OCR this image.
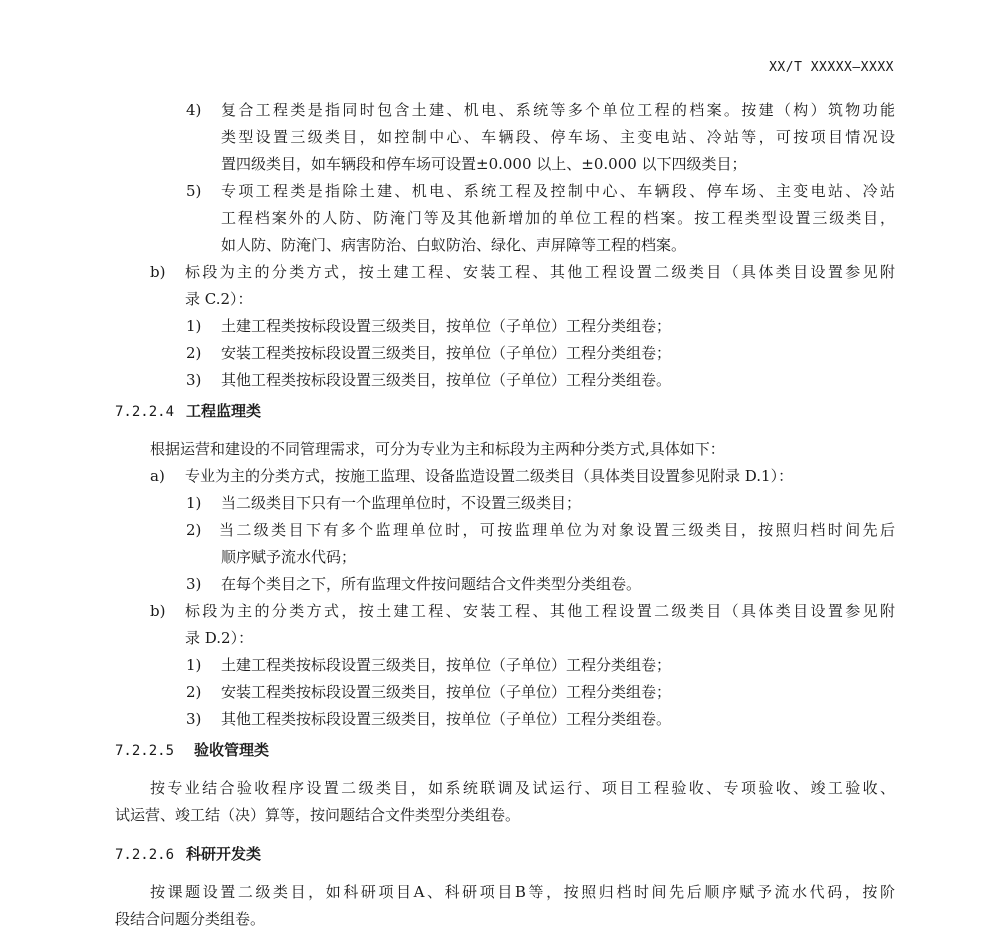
XX/T XXXXX—XXXX
4) 复合工程类是指同时包含土建、机电、系统等多个单位工程的档案。按建（构）筑物功能
类型设置三级类目，如控制中心、车辆段、停车场、主变电站、冷站等，可按项目情况设
置四级类目，如车辆段和停车场可设置±0.000 以上、±0.000 以下四级类目；
5) 专项工程类是指除土建、机电、系统工程及控制中心、车辆段、停车场、主变电站、冷站
工程档案外的人防、防淹门等及其他新增加的单位工程的档案。按工程类型设置三级类目，
如人防、防淹门、病害防治、白蚁防治、绿化、声屏障等工程的档案。
b) 标段为主的分类方式，按土建工程、安装工程、其他工程设置二级类目（具体类目设置参见附
录 C.2）：
1) 土建工程类按标段设置三级类目，按单位（子单位）工程分类组卷；
2) 安装工程类按标段设置三级类目，按单位（子单位）工程分类组卷；
3) 其他工程类按标段设置三级类目，按单位（子单位）工程分类组卷。
7.2.2.4 工程监理类
根据运营和建设的不同管理需求，可分为专业为主和标段为主两种分类方式,具体如下：
a) 专业为主的分类方式，按施工监理、设备监造设置二级类目（具体类目设置参见附录 D.1）：
1) 当二级类目下只有一个监理单位时，不设置三级类目；
2) 当二级类目下有多个监理单位时，可按监理单位为对象设置三级类目，按照归档时间先后
顺序赋予流水代码；
3) 在每个类目之下，所有监理文件按问题结合文件类型分类组卷。
b) 标段为主的分类方式，按土建工程、安装工程、其他工程设置二级类目（具体类目设置参见附
录 D.2）：
1) 土建工程类按标段设置三级类目，按单位（子单位）工程分类组卷；
2) 安装工程类按标段设置三级类目，按单位（子单位）工程分类组卷；
3) 其他工程类按标段设置三级类目，按单位（子单位）工程分类组卷。
7.2.2.5 验收管理类
按专业结合验收程序设置二级类目，如系统联调及试运行、项目工程验收、专项验收、竣工验收、
试运营、竣工结（决）算等，按问题结合文件类型分类组卷。
7.2.2.6 科研开发类
按课题设置二级类目，如科研项目A、科研项目B等，按照归档时间先后顺序赋予流水代码，按阶
段结合问题分类组卷。
